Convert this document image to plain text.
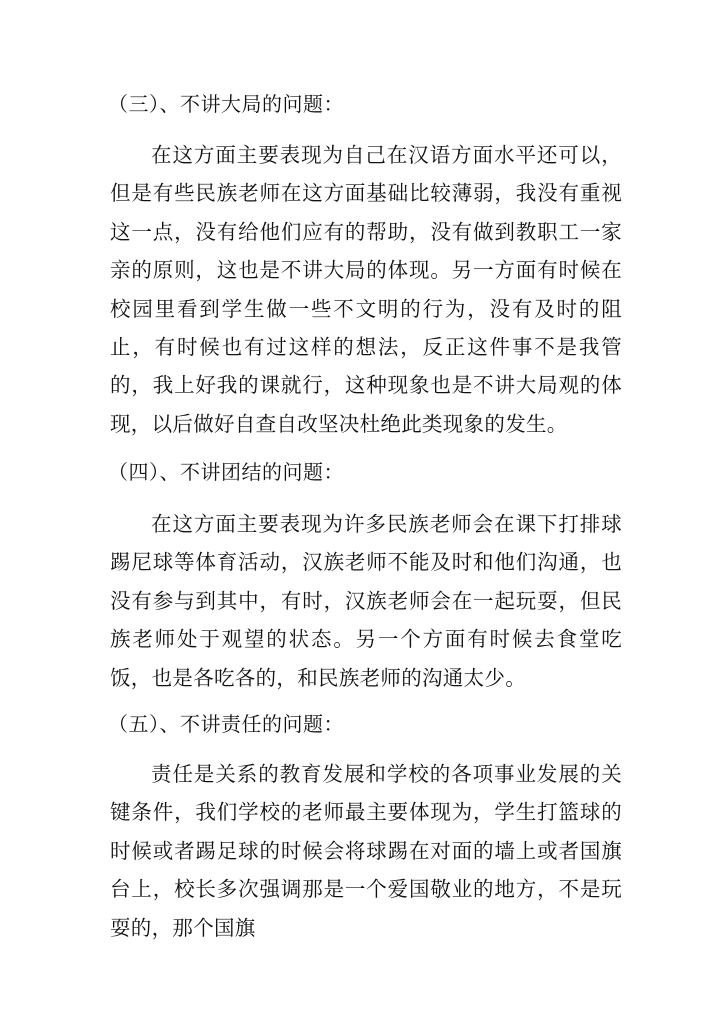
（三）、不讲大局的问题：

在这方面主要表现为自己在汉语方面水平还可以，但是有些民族老师在这方面基础比较薄弱，我没有重视这一点，没有给他们应有的帮助，没有做到教职工一家亲的原则，这也是不讲大局的体现。另一方面有时候在校园里看到学生做一些不文明的行为，没有及时的阻止，有时候也有过这样的想法，反正这件事不是我管的，我上好我的课就行，这种现象也是不讲大局观的体现，以后做好自查自改坚决杜绝此类现象的发生。

（四）、不讲团结的问题：

在这方面主要表现为许多民族老师会在课下打排球踢尼球等体育活动，汉族老师不能及时和他们沟通，也没有参与到其中，有时，汉族老师会在一起玩耍，但民族老师处于观望的状态。另一个方面有时候去食堂吃饭，也是各吃各的，和民族老师的沟通太少。

（五）、不讲责任的问题：

责任是关系的教育发展和学校的各项事业发展的关键条件，我们学校的老师最主要体现为，学生打篮球的时候或者踢足球的时候会将球踢在对面的墙上或者国旗台上，校长多次强调那是一个爱国敬业的地方，不是玩耍的，那个国旗
